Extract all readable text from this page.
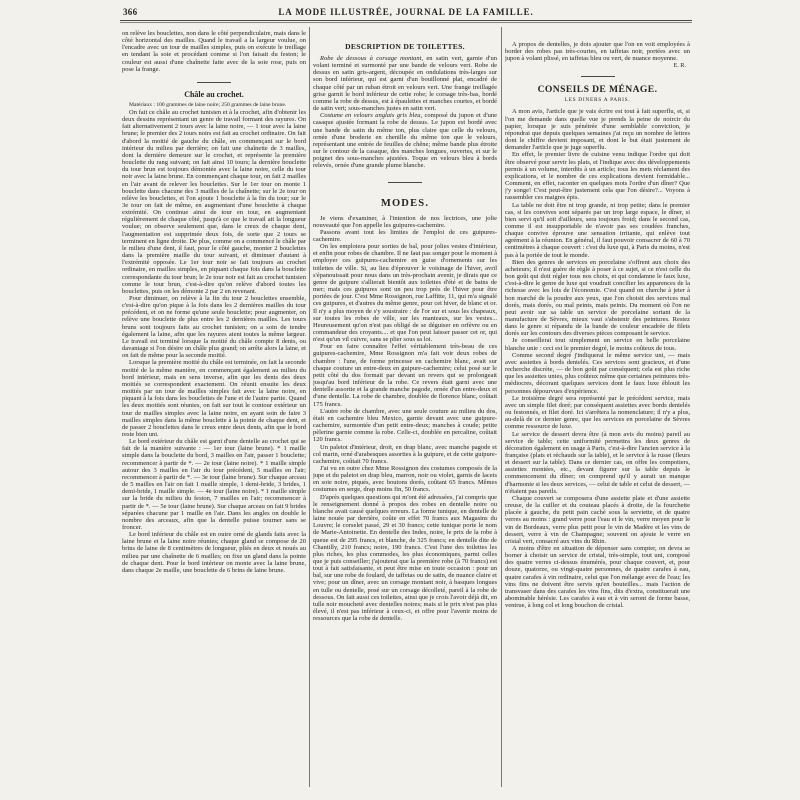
366	LA MODE ILLUSTRÉE, JOURNAL DE LA FAMILLE.

on relève les bouclettes, non dans le côté perpendiculaire, mais dans le côté horizontal des mailles. Quand le travail a la largeur voulue, on l'encadre avec un tour de mailles simples, puis on exécute le treillage en tendant la soie et procédant comme si l'on faisait du feston; le couleur est aussi d'une chaînette faite avec de la soie rose, puis on pose la frange.

Châle au crochet.

Matériaux : 100 grammes de laine noire; 250 grammes de laine brune.

On fait ce châle au crochet tunisien et à la crochet, afin d'obtenir les deux dessins représentant un genre de travail formant des rayures. On fait alternativement 2 tours avec la laine noire, — 1 tour avec la laine brune; le premier des 2 tours noirs est fait au crochet ordinaire. On fait d'abord la moitié de gauche du châle, en commençant sur le bord intérieur du milieu par derrière; on fait une chaînette de 3 mailles, dont la dernière demeure sur le crochet, et représente la première bouclette du rang suivant; on fait ainsi 10 tours; la dernière bouclette du tour brun est toujours démontée avec la laine noire, celle du tour noir avec la laine brune. En commençant chaque tour, on fait 2 mailles en l'air avant de relever les bouclettes. Sur le 1er tour on monte 1 bouclette dans chacune des 3 mailles de la chaînette; sur le 2e tour on relève les bouclettes, et l'on ajoute 1 bouclette à la fin du tour; sur le 3e tour on fait de même, en augmentant d'une bouclette à chaque extrémité. On continue ainsi de tour en tour, en augmentant régulièrement de chaque côté, jusqu'à ce que le travail ait la longueur voulue; on observe seulement que, dans le creux de chaque dent, l'augmentation est supprimée deux fois, de sorte que 2 tours se terminent en ligne droite. De plus, comme on a commencé le châle par le milieu d'une dent, il faut, pour le côté gauche, monter 2 bouclettes dans la première maille du tour suivant, et diminuer d'autant à l'extrémité opposée. Le 1er tour noir se fait toujours au crochet ordinaire, en mailles simples, en piquant chaque fois dans la bouclette correspondante du tour brun; le 2e tour noir est fait au crochet tunisien comme le tour brun, c'est-à-dire qu'on relève d'abord toutes les bouclettes, puis on les démonte 2 par 2 en revenant.

Pour diminuer, on relève à la fin du tour 2 bouclettes ensemble, c'est-à-dire qu'on pique à la fois dans les 2 dernières mailles du tour précédent, et on ne forme qu'une seule bouclette; pour augmenter, on relève une bouclette de plus entre les 2 dernières mailles. Les tours bruns sont toujours faits au crochet tunisien; on a soin de tendre également la laine, afin que les rayures aient toutes la même largeur. Le travail est terminé lorsque la moitié du châle compte 8 dents, ou davantage si l'on désire un châle plus grand; on arrête alors la laine, et on fait de même pour la seconde moitié.

Lorsque la première moitié du châle est terminée, on fait la seconde moitié de la même manière, en commençant également au milieu du bord intérieur, mais en sens inverse, afin que les dents des deux moitiés se correspondent exactement. On réunit ensuite les deux moitiés par un tour de mailles simples fait avec la laine noire, en piquant à la fois dans les bouclettes de l'une et de l'autre partie. Quand les deux moitiés sont réunies, on fait sur tout le contour extérieur un tour de mailles simples avec la laine noire, en ayant soin de faire 3 mailles simples dans la même bouclette à la pointe de chaque dent, et de passer 2 bouclettes dans le creux entre deux dents, afin que le bord reste bien uni.

Le bord extérieur du châle est garni d'une dentelle au crochet qui se fait de la manière suivante : — 1er tour (laine brune). * 1 maille simple dans la bouclette du bord, 3 mailles en l'air, passer 1 bouclette; recommencer à partir de *. — 2e tour (laine noire). * 1 maille simple autour des 3 mailles en l'air du tour précédent, 5 mailles en l'air; recommencer à partir de *. — 3e tour (laine brune). Sur chaque arceau de 5 mailles en l'air on fait 1 maille simple, 1 demi-bride, 3 brides, 1 demi-bride, 1 maille simple. — 4e tour (laine noire). * 1 maille simple sur la bride du milieu du feston, 7 mailles en l'air; recommencer à partir de *. — 5e tour (laine brune). Sur chaque arceau on fait 9 brides séparées chacune par 1 maille en l'air. Dans les angles on double le nombre des arceaux, afin que la dentelle puisse tourner sans se froncer.

Le bord inférieur du châle est en outre orné de glands faits avec la laine brune et la laine noire réunies; chaque gland se compose de 20 brins de laine de 8 centimètres de longueur, pliés en deux et noués au milieu par une chaînette de 6 mailles; on fixe un gland dans la pointe de chaque dent. Pour le bord intérieur on monte avec la laine brune, dans chaque 2e maille, une bouclette de 6 brins de laine brune.

DESCRIPTION DE TOILETTES.

Robe de dessous à corsage montant, en satin vert, garnie d'un volant terminé et surmonté par une bande de velours vert. Robe de dessus en satin gris-argent, découpée en ondulations très-larges sur son bord inférieur, qui est garni d'un bouillonné plat, encadré de chaque côté par un ruban étroit en velours vert. Une frange treillagée grise garnit le bord inférieur de cette robe; le corsage très-bas, bordé comme la robe de dessus, est à épaulettes et manches courtes, et bordé de satin vert; sous-manches justes en satin vert.

Costume en velours anglais gris bleu, composé du jupon et d'une casaque ajustée formant la robe de dessus. Le jupon est bordé avec une bande de satin du même ton, plus claire que celle du velours, ornée d'une broderie en chenille du même ton que le velours, représentant une entrée de feuilles de chêne; même bande plus étroite sur le contour de la casaque, des manches longues, ouvertes, et sur le poignet des sous-manches ajustées. Toque en velours bleu à bords relevés, ornée d'une grande plume blanche.

MODES.

Je viens d'examiner, à l'intention de nos lectrices, une jolie nouveauté que l'on appelle les guipures-cachemire.

Passons avant tout les limites de l'emploi de ces guipures-cachemire.

On les emploiera pour sorties de bal, pour jolies vestes d'intérieur, et enfin pour robes de chambre. Il ne faut pas songer pour le moment à employer ces guipures-cachemire en guise d'ornements sur les toilettes de ville. Si, au lieu d'éprouver le voisinage de l'hiver, avril s'épanouissait pour nous dans un très-prochain avenir, je dirais que ce genre de guipure s'allierait bientôt aux toilettes d'été et de bains de mer; mais ces guipures sont un peu trop près de l'hiver pour être portées de jour. C'est Mme Rossignon, rue Laffitte, 11, qui m'a signalé ces guipures, et d'autres du même genre, pour cet hiver, de blanc et or. Il n'y a plus moyen de s'y soustraire : de l'or sur et sous les chapeaux, sur toutes les robes de ville, sur les manteaux, sur les vestes... Heureusement qu'on n'est pas obligé de se déguiser en orfèvre ou en commandeur des croyants.... et que l'on peut laisser passer cet or, qui n'est qu'un vil cuivre, sans se plier sous sa loi.

Pour en faire connaître l'effet véritablement très-beau de ces guipures-cachemire, Mme Rossignon m'a fait voir deux robes de chambre : l'une, de forme princesse en cachemire blanc, avait sur chaque couture un entre-deux en guipure-cachemire; celui posé sur le petit côté du dos formait par devant un revers qui se prolongeait jusqu'au bord inférieur de la robe. Ce revers était garni avec une dentelle assortie et la grande manche pagode, ornée d'un entre-deux et d'une dentelle. La robe de chambre, doublée de florence blanc, coûtait 175 francs.

L'autre robe de chambre, avec une seule couture au milieu du dos, était en cachemire bleu Mexico, garnie devant avec une guipure-cachemire, surmontée d'un petit entre-deux; manches à coude; petite pèlerine garnie comme la robe. Celle-ci, doublée en percaline, coûtait 120 francs.

Un paletot d'intérieur, droit, en drap blanc, avec manche pagode et col marin, orné d'arabesques assorties à la guipure, et de cette guipure-cachemire, coûtait 70 francs.

J'ai vu en outre chez Mme Rossignon des costumes composés de la jupe et du paletot en drap bleu, marron, noir ou violet, garnis de lacets en soie noire, piqués, avec boutons dorés, coûtant 65 francs. Mêmes costumes en serge, drap moins fin, 50 francs.

D'après quelques questions qui m'ont été adressées, j'ai compris que le renseignement donné à propos des robes en dentelle noire ou blanche avait causé quelques erreurs. La forme tunique, en dentelle de laine nouée par derrière, coûte en effet 70 francs aux Magasins du Louvre; le corselet passé, 29 et 30 francs; cette tunique porte le nom de Marie-Antoinette. En dentelle des Indes, noire, le prix de la robe à queue est de 295 francs, et blanche, de 325 francs; en dentelle dite de Chantilly, 210 francs; noire, 190 francs. C'est l'une des toilettes les plus riches, les plus commodes, les plus économiques, parmi celles que je puis conseiller; j'ajouterai que la première robe (à 70 francs) est tout à fait satisfaisante, et peut être mise en toute occasion : pour un bal, sur une robe de foulard, de taffetas ou de satin, de nuance claire et vive; pour un dîner, avec un corsage montant noir, à basques longues en tulle ou dentelle, posé sur un corsage décolleté, pareil à la robe de dessous. On fait aussi ces toilettes, ainsi que je crois l'avoir déjà dit, en tulle noir moucheté avec dentelles noires; mais si le prix n'est pas plus élevé, il n'est pas inférieur à ceux-ci, et offre pour l'avenir moins de ressources que la robe de dentelle.

A propos de dentelles, je dois ajouter que l'on en voit employées à border des robes pas très-courtes, en taffetas noir, portées avec un jupon à volant plissé, en taffetas bleu ou vert, de nuance moyenne.

E. R.
CONSEILS DE MÉNAGE.
LES DINERS A PARIS.

A mon avis, l'article que je vais écrire est tout à fait superflu, et, si l'on me demande dans quelle vue je prends la peine de noircir du papier, lorsque je suis pénétrée d'une semblable conviction, je répondrai que depuis quelques semaines j'ai reçu un nombre de lettres dont le chiffre devient imposant, et dont le but était justement de demander l'article que je juge superflu.

En effet, le premier livre de cuisine venu indique l'ordre qui doit être observé pour servir les plats, et l'indique avec des développements permis à un volume, interdits à un article; tous les mets réclament des explications, et le nombre de ces explications devient formidable... Comment, en effet, raconter en quelques mots l'ordre d'un dîner? Que j'y songe! C'est peut-être justement cela que l'on désire?... Voyons à rassembler ces maigres épis.

La table ne doit être ni trop grande, ni trop petite; dans le premier cas, si les convives sont séparés par un trop large espace, le dîner, si bien servi qu'il soit d'ailleurs, sera toujours froid; dans le second cas, comme il est insupportable de n'avoir pas ses coudées franches, chaque convive éprouve une sensation irritante, qui enlève tout agrément à la réunion. En général, il faut pouvoir consacrer de 60 à 70 centimètres à chaque couvert : c'est du luxe qui, à Paris du moins, n'est pas à la portée de tout le monde.

Bien des genres de services en porcelaine s'offrent aux choix des acheteurs; il n'est guère de règle à poser à ce sujet, si ce n'est celle du bon goût qui doit régler tous nos choix, et qui condamne le faux luxe, c'est-à-dire le genre de luxe qui voudrait concilier les apparences de la richesse avec les lois de l'économie. C'est quand on cherche à jeter à bon marché de la poudre aux yeux, que l'on choisit des services mal dorés, mais dorés, ou mal peints, mais peints. Du moment où l'on ne peut avoir sur sa table un service de porcelaine sortant de la manufacture de Sèvres, mieux vaut s'abstenir des peintures. Restez dans le genre si répandu de la bande de couleur encadrée de filets dorés sur les contours des diverses pièces composant le service.

Je conseillerai tout simplement un service en belle porcelaine blanche unie : ceci est le premier degré, le moins coûteux de tous.

Comme second degré j'indiquerai le même service uni, — mais avec assiettes à bords dentelés. Ces services sont gracieux, et d'une recherche discrète, — de bon goût par conséquent; cela est plus riche que les assiettes unies, plus coûteux même que certaines peintures très-médiocres, décorant quelques services dont le faux luxe éblouit les personnes dépourvues d'expérience.

Le troisième degré sera représenté par le précédent service, mais avec un simple filet doré; par conséquent assiettes avec bords dentelés ou festonnés, et filet doré. Ici s'arrêtera la nomenclature; il n'y a plus, au-delà de ce dernier genre, que les services en porcelaine de Sèvres comme ressource de luxe.

Le service de dessert devra être (à mon avis du moins) pareil au service de table; cette uniformité permettra les deux genres de décoration également en usage à Paris, c'est-à-dire l'ancien service à la française (plats et réchauds sur la table), et le service à la russe (fleurs et dessert sur la table). Dans ce dernier cas, on offre les compotiers, assiettes montées, etc., devant figurer sur la table depuis le commencement du dîner; on comprend qu'il y aurait un manque d'harmonie si les deux services, — celui de table et celui de dessert, — n'étaient pas pareils.

Chaque couvert se composera d'une assiette plate et d'une assiette creuse, de la cuiller et du couteau placés à droite, de la fourchette placée à gauche, du petit pain caché sous la serviette, et de quatre verres au moins : grand verre pour l'eau et le vin, verre moyen pour le vin de Bordeaux, verre plus petit pour le vin de Madère et les vins de dessert, verre à vin de Champagne; souvent on ajoute le verre en cristal vert, consacré aux vins du Rhin.

A moins d'être en situation de dépenser sans compter, on devra se borner à choisir un service de cristal, très-simple, tout uni, composé des quatre verres ci-dessus énumérés, pour chaque couvert, et, pour douze, quatorze, ou vingt-quatre personnes, de quatre carafes à eau, quatre carafes à vin ordinaire, celui que l'on mélange avec de l'eau; les vins fins ne doivent être servis qu'en bouteilles... mais l'action de transvaser dans des carafes les vins fins, dits d'extra, constituerait une abominable hérésie. Les carafes à eau et à vin seront de forme basse, ventrue, à long col et long bouchon de cristal.
